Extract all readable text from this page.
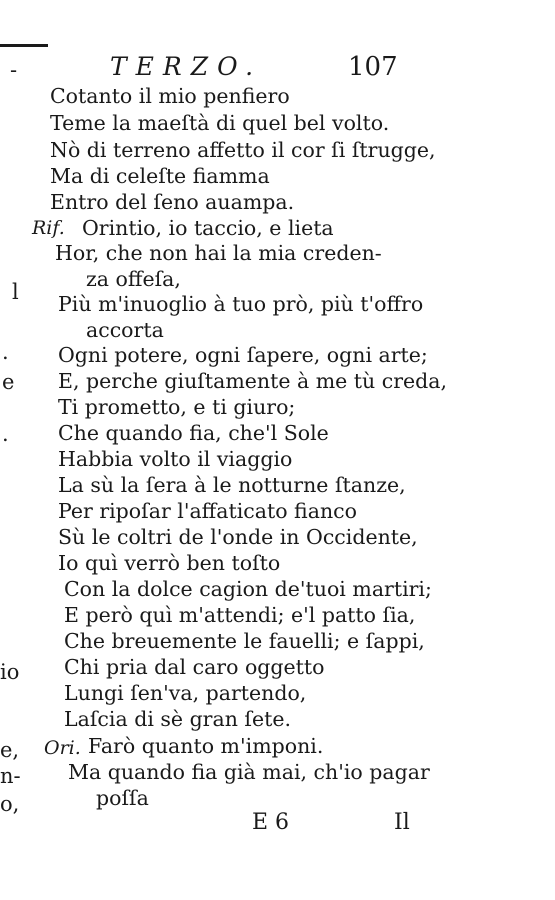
TERZO.	107
-
l
.
e
.
io
e,
n-
o,
Rif.
Ori.
Cotanto il mio penfiero
Teme la maeſtà di quel bel volto.
Nò di terreno affetto il cor ſi ſtrugge,
Ma di celeſte fiamma
Entro del ſeno auampa.
Orintio, io taccio, e lieta
Hor, che non hai la mia creden-
za offeſa,
Più m'inuoglio à tuo prò, più t'offro
accorta
Ogni potere, ogni ſapere, ogni arte;
E, perche giuſtamente à me tù creda,
Ti prometto, e ti giuro;
Che quando fia, che'l Sole
Habbia volto il viaggio
La sù la ſera à le notturne ſtanze,
Per ripoſar l'affaticato fianco
Sù le coltri de l'onde in Occidente,
Io quì verrò ben toſto
Con la dolce cagion de'tuoi martiri;
E però quì m'attendi; e'l patto ſia,
Che breuemente le fauelli; e ſappi,
Chi pria dal caro oggetto
Lungi ſen'va, partendo,
Laſcia di sè gran ſete.
Farò quanto m'imponi.
Ma quando fia già mai, ch'io pagar
poſſa
E 6	Il
